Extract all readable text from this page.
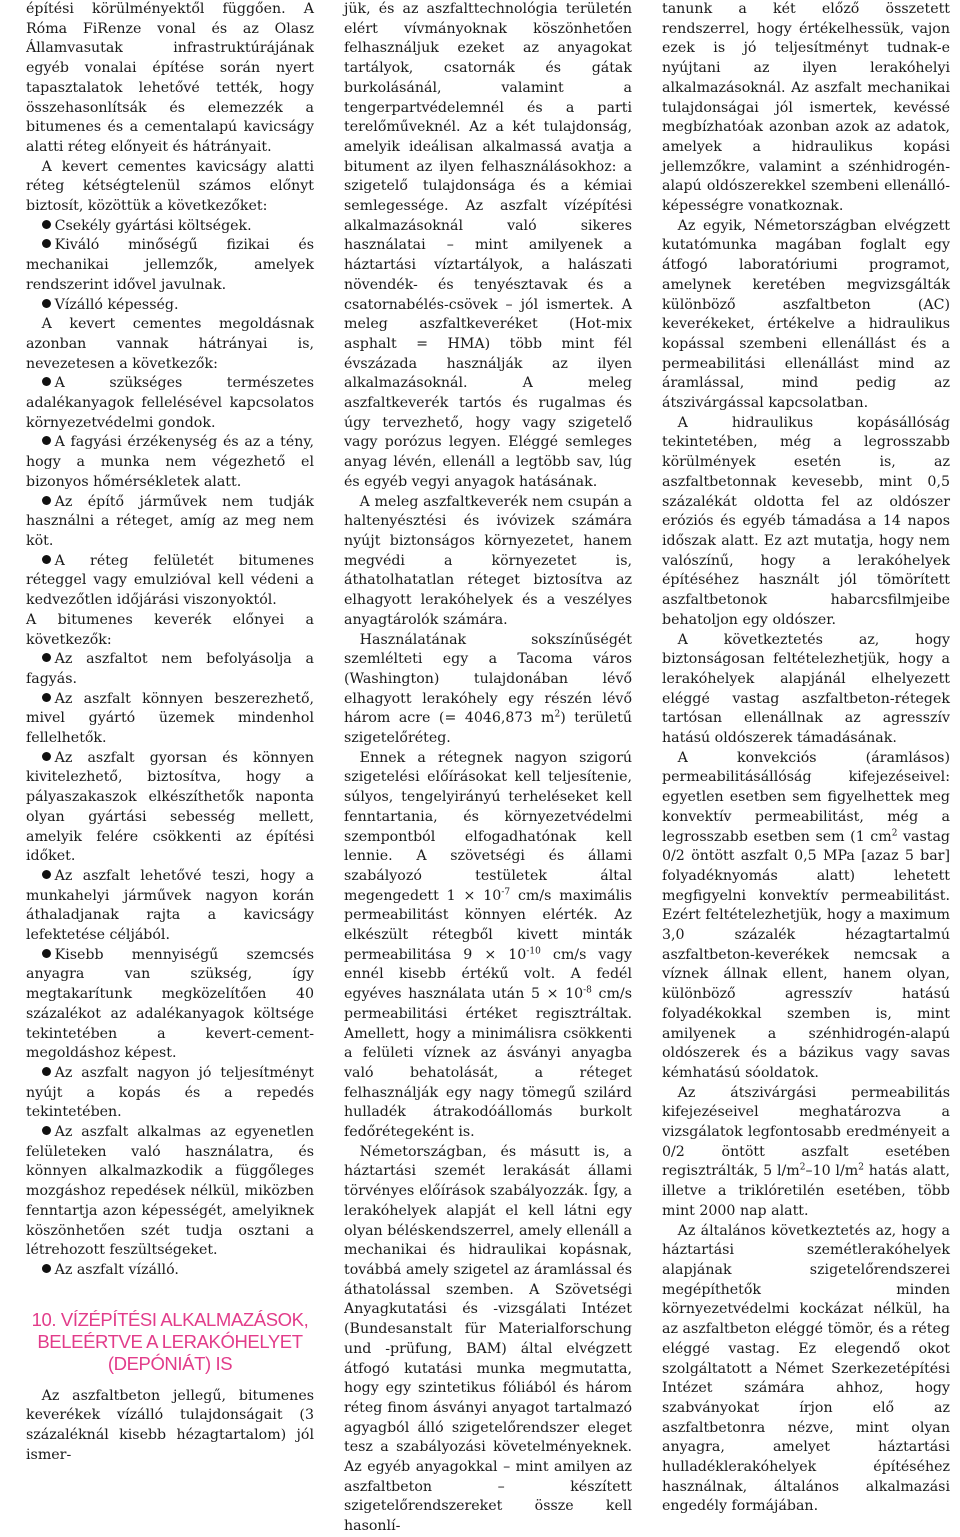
építési körülményektől függően. A Róma FiRenze vonal és az Olasz Államvasutak infrastruktúrájának egyéb vonalai építése során nyert tapasztalatok lehetővé tették, hogy összehasonlítsák és elemezzék a bitumenes és a cementalapú kavicságy alatti réteg előnyeit és hátrányait.

A kevert cementes kavicságy alatti réteg kétségtelenül számos előnyt biztosít, közöttük a következőket:

Csekély gyártási költségek.

Kiváló minőségű fizikai és mechanikai jellemzők, amelyek rendszerint idővel javulnak.

Vízálló képesség.

A kevert cementes megoldásnak azonban vannak hátrányai is, nevezetesen a következők:

A szükséges természetes adalékanyagok fellelésével kapcsolatos környezetvédelmi gondok.

A fagyási érzékenység és az a tény, hogy a munka nem végezhető el bizonyos hőmérsékletek alatt.

Az építő járművek nem tudják használni a réteget, amíg az meg nem köt.

A réteg felületét bitumenes réteggel vagy emulzióval kell védeni a kedvezőtlen időjárási viszonyoktól.

A bitumenes keverék előnyei a következők:

Az aszfaltot nem befolyásolja a fagyás.

Az aszfalt könnyen beszerezhető, mivel gyártó üzemek mindenhol fellelhetők.

Az aszfalt gyorsan és könnyen kivitelezhető, biztosítva, hogy a pályaszakaszok elkészíthetők naponta olyan gyártási sebesség mellett, amelyik felére csökkenti az építési időket.

Az aszfalt lehetővé teszi, hogy a munkahelyi járművek nagyon korán áthaladjanak rajta a kavicságy lefektetése céljából.

Kisebb mennyiségű szemcsés anyagra van szükség, így megtakarítunk megközelítően 40 százalékot az adalékanyagok költsége tekintetében a kevert-cement-megoldáshoz képest.

Az aszfalt nagyon jó teljesítményt nyújt a kopás és a repedés tekintetében.

Az aszfalt alkalmas az egyenetlen felületeken való használatra, és könnyen alkalmazkodik a függőleges mozgáshoz repedések nélkül, miközben fenntartja azon képességét, amelyiknek köszönhetően szét tudja osztani a létrehozott feszültségeket.

Az aszfalt vízálló.

10. VÍZÉPÍTÉSI ALKALMAZÁSOK, BELEÉRTVE A LERAKÓHELYET (DEPÓNIÁT) IS

Az aszfaltbeton jellegű, bitumenes keverékek vízálló tulajdonságait (3 százaléknál kisebb hézagtartalom) jól ismer-

jük, és az aszfalttechnológia területén elért vívmányoknak köszönhetően felhasználjuk ezeket az anyagokat tartályok, csatornák és gátak burkolásánál, valamint a tengerpartvédelemnél és a parti terelőműveknél. Az a két tulajdonság, amelyik ideálisan alkalmassá avatja a bitument az ilyen felhasználásokhoz: a szigetelő tulajdonsága és a kémiai semlegessége. Az aszfalt vízépítési alkalmazásoknál való sikeres használatai – mint amilyenek a háztartási víztartályok, a halászati növendék- és tenyésztavak és a csatornabélés-csövek – jól ismertek. A meleg aszfaltkeveréket (Hot-mix asphalt = HMA) több mint fél évszázada használják az ilyen alkalmazásoknál. A meleg aszfaltkeverék tartós és rugalmas és úgy tervezhető, hogy vagy szigetelő vagy porózus legyen. Eléggé semleges anyag lévén, ellenáll a legtöbb sav, lúg és egyéb vegyi anyagok hatásának.

A meleg aszfaltkeverék nem csupán a haltenyésztési és ivóvizek számára nyújt biztonságos környezetet, hanem megvédi a környezetet is, áthatolhatatlan réteget biztosítva az elhagyott lerakóhelyek és a veszélyes anyagtárolók számára.

Használatának sokszínűségét szemlélteti egy a Tacoma város (Washington) tulajdonában lévő elhagyott lerakóhely egy részén lévő három acre (= 4046,873 $m^2$) területű szigetelőréteg.

Ennek a rétegnek nagyon szigorú szigetelési előírásokat kell teljesítenie, súlyos, tengelyirányú terheléseket kell fenntartania, és környezetvédelmi szempontból elfogadhatónak kell lennie. A szövetségi és állami szabályozó testületek által megengedett $1 \times 10^{-7}$ cm/s maximális permeabilitást könnyen elérték. Az elkészült rétegből kivett minták permeabilitása $9 \times 10^{-10}$ cm/s vagy ennél kisebb értékű volt. A fedél egyéves használata után $5 \times 10^{-8}$ cm/s permeabilitási értéket regisztráltak. Amellett, hogy a minimálisra csökkenti a felületi víznek az ásványi anyagba való behatolását, a réteget felhasználják egy nagy tömegű szilárd hulladék átrakodóállomás burkolt fedőrétegeként is.

Németországban, és másutt is, a háztartási szemét lerakását állami törvényes előírások szabályozzák. Így, a lerakóhelyek alapját el kell látni egy olyan béléskendszerrel, amely ellenáll a mechanikai és hidraulikai kopásnak, továbbá amely szigetel az áramlással és áthatolással szemben. A Szövetségi Anyagkutatási és -vizsgálati Intézet (Bundesanstalt für Materialforschung und -prüfung, BAM) által elvégzett átfogó kutatási munka megmutatta, hogy egy szintetikus fóliából és három réteg finom ásványi anyagot tartalmazó agyagból álló szigetelőrendszer eleget tesz a szabályozási követelményeknek. Az egyéb anyagokkal – mint amilyen az aszfaltbeton – készített szigetelőrendszereket össze kell hasonlí-

tanunk a két előző összetett rendszerrel, hogy értékelhessük, vajon ezek is jó teljesítményt tudnak-e nyújtani az ilyen lerakóhelyi alkalmazásoknál. Az aszfalt mechanikai tulajdonságai jól ismertek, kevéssé megbízhatóak azonban azok az adatok, amelyek a hidraulikus kopási jellemzőkre, valamint a szénhidrogén-alapú oldószerekkel szembeni ellenálló-képességre vonatkoznak.

Az egyik, Németországban elvégzett kutatómunka magában foglalt egy átfogó laboratóriumi programot, amelynek keretében megvizsgálták különböző aszfaltbeton (AC) keverékeket, értékelve a hidraulikus kopással szembeni ellenállást és a permeabilitási ellenállást mind az áramlással, mind pedig az átszivárgással kapcsolatban.

A hidraulikus kopásállóság tekintetében, még a legrosszabb körülmények esetén is, az aszfaltbetonnak kevesebb, mint 0,5 százalékát oldotta fel az oldószer eróziós és egyéb támadása a 14 napos időszak alatt. Ez azt mutatja, hogy nem valószínű, hogy a lerakóhelyek építéséhez használt jól tömörített aszfaltbetonok habarcsfilmjeibe behatoljon egy oldószer.

A következtetés az, hogy biztonságosan feltételezhetjük, hogy a lerakóhelyek alapjánál elhelyezett eléggé vastag aszfaltbeton-rétegek tartósan ellenállnak az agresszív hatású oldószerek támadásának.

A konvekciós (áramlásos) permeabilitásállóság kifejezéseivel: egyetlen esetben sem figyelhettek meg konvektív permeabilitást, még a legrosszabb esetben sem (1 $cm^2$ vastag 0/2 öntött aszfalt 0,5 MPa [azaz 5 bar] folyadéknyomás alatt) lehetett megfigyelni konvektív permeabilitást. Ezért feltételezhetjük, hogy a maximum 3,0 százalék hézagtartalmú aszfaltbeton-keverékek nemcsak a víznek állnak ellent, hanem olyan, különböző agresszív hatású folyadékokkal szemben is, mint amilyenek a szénhidrogén-alapú oldószerek és a bázikus vagy savas kémhatású sóoldatok.

Az átszivárgási permeabilitás kifejezéseivel meghatározva a vizsgálatok legfontosabb eredményeit a 0/2 öntött aszfalt esetében regisztrálták, 5 $l/m^2-10$ $l/m^2$ hatás alatt, illetve a triklóretilén esetében, több mint 2000 nap alatt.

Az általános következtetés az, hogy a háztartási szemétlerakóhelyek alapjának szigetelőrendszerei megépíthetők minden környezetvédelmi kockázat nélkül, ha az aszfaltbeton eléggé tömör, és a réteg eléggé vastag. Ez elegendő okot szolgáltatott a Német Szerkezetépítési Intézet számára ahhoz, hogy szabványokat írjon elő az aszfaltbetonra nézve, mint olyan anyagra, amelyet háztartási hulladéklerakóhelyek építéséhez használnak, általános alkalmazási engedély formájában.
